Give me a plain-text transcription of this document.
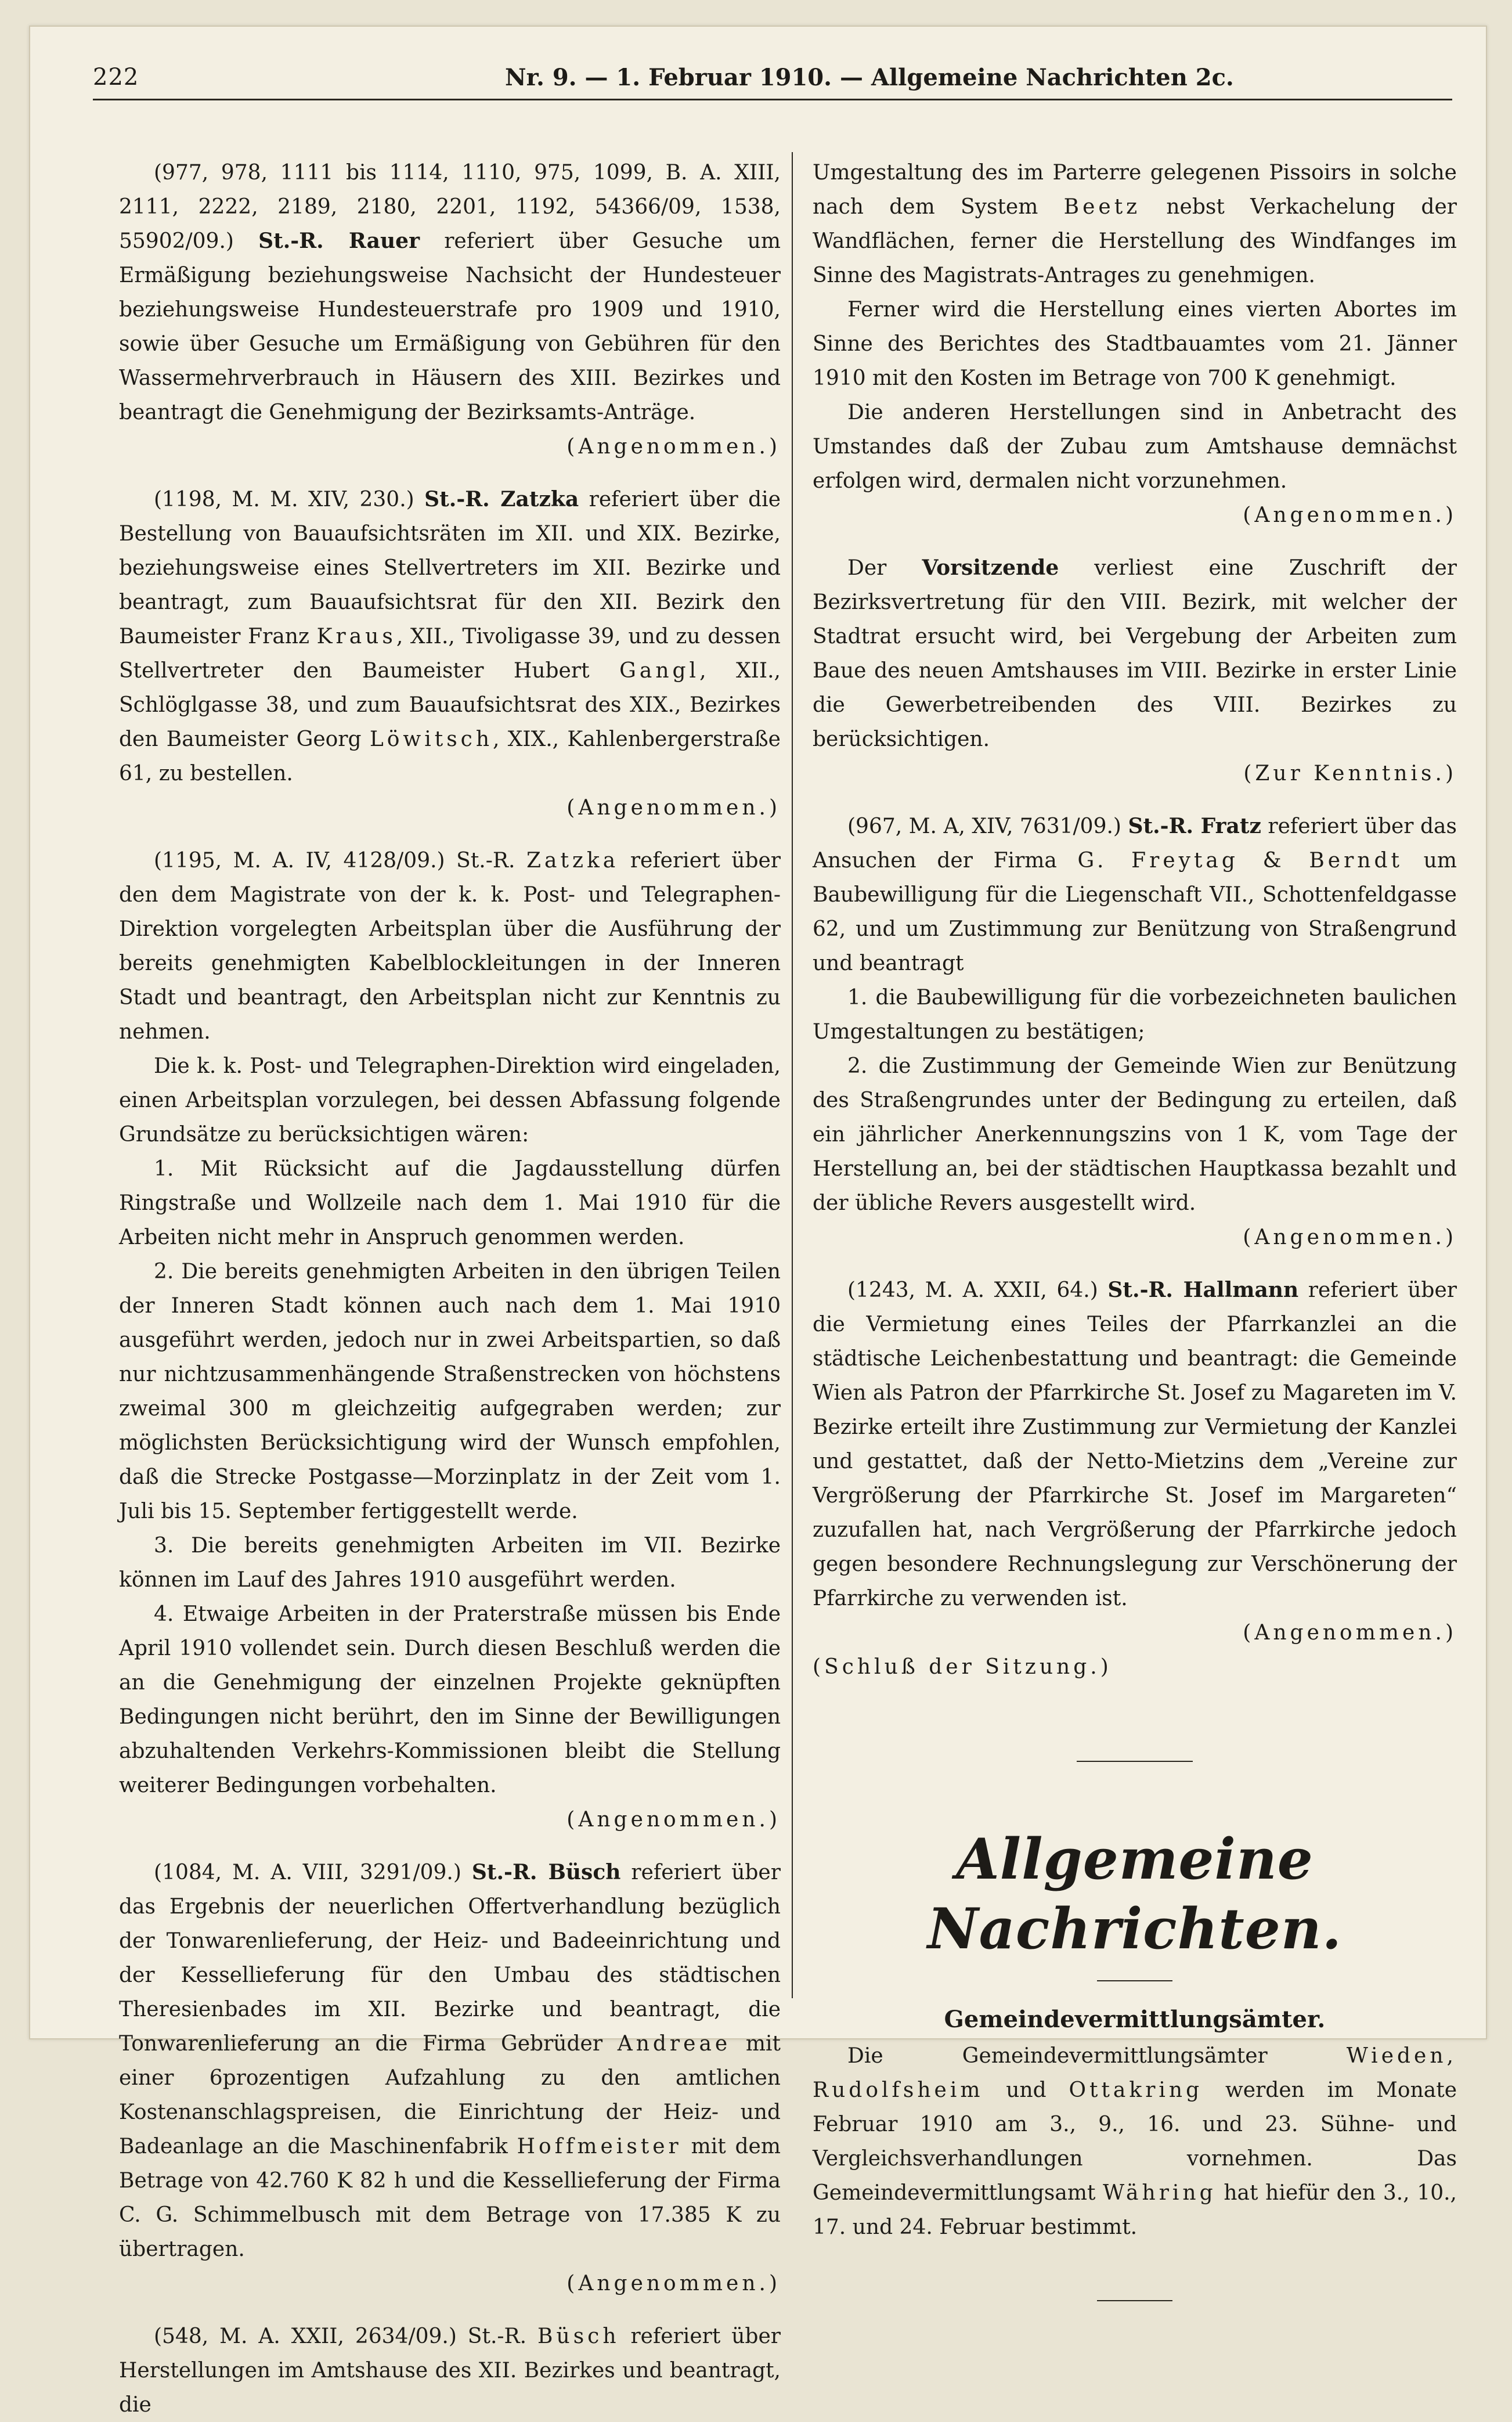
222	Nr. 9. — 1. Februar 1910. — Allgemeine Nachrichten 2c.

(977, 978, 1111 bis 1114, 1110, 975, 1099, B. A. XIII, 2111, 2222, 2189, 2180, 2201, 1192, 54366/09, 1538, 55902/09.) St.-R. Rauer referiert über Gesuche um Ermäßigung beziehungsweise Nachsicht der Hundesteuer beziehungsweise Hundesteuerstrafe pro 1909 und 1910, sowie über Gesuche um Ermäßigung von Gebühren für den Wassermehrverbrauch in Häusern des XIII. Bezirkes und beantragt die Genehmigung der Bezirksamts-Anträge.

(Angenommen.)

(1198, M. M. XIV, 230.) St.-R. Zatzka referiert über die Bestellung von Bauaufsichtsräten im XII. und XIX. Bezirke, beziehungsweise eines Stellvertreters im XII. Bezirke und beantragt, zum Bauaufsichtsrat für den XII. Bezirk den Baumeister Franz Kraus, XII., Tivoligasse 39, und zu dessen Stellvertreter den Baumeister Hubert Gangl, XII., Schlöglgasse 38, und zum Bauaufsichtsrat des XIX., Bezirkes den Baumeister Georg Löwitsch, XIX., Kahlenbergerstraße 61, zu bestellen.

(Angenommen.)

(1195, M. A. IV, 4128/09.) St.-R. Zatzka referiert über den dem Magistrate von der k. k. Post- und Telegraphen-Direktion vorgelegten Arbeitsplan über die Ausführung der bereits genehmigten Kabelblockleitungen in der Inneren Stadt und beantragt, den Arbeitsplan nicht zur Kenntnis zu nehmen.

Die k. k. Post- und Telegraphen-Direktion wird eingeladen, einen Arbeitsplan vorzulegen, bei dessen Abfassung folgende Grundsätze zu berücksichtigen wären:

1. Mit Rücksicht auf die Jagdausstellung dürfen Ringstraße und Wollzeile nach dem 1. Mai 1910 für die Arbeiten nicht mehr in Anspruch genommen werden.

2. Die bereits genehmigten Arbeiten in den übrigen Teilen der Inneren Stadt können auch nach dem 1. Mai 1910 ausgeführt werden, jedoch nur in zwei Arbeitspartien, so daß nur nichtzusammenhängende Straßenstrecken von höchstens zweimal 300 m gleichzeitig aufgegraben werden; zur möglichsten Berücksichtigung wird der Wunsch empfohlen, daß die Strecke Postgasse—Morzinplatz in der Zeit vom 1. Juli bis 15. September fertiggestellt werde.

3. Die bereits genehmigten Arbeiten im VII. Bezirke können im Lauf des Jahres 1910 ausgeführt werden.

4. Etwaige Arbeiten in der Praterstraße müssen bis Ende April 1910 vollendet sein. Durch diesen Beschluß werden die an die Genehmigung der einzelnen Projekte geknüpften Bedingungen nicht berührt, den im Sinne der Bewilligungen abzuhaltenden Verkehrs-Kommissionen bleibt die Stellung weiterer Bedingungen vorbehalten.

(Angenommen.)

(1084, M. A. VIII, 3291/09.) St.-R. Büsch referiert über das Ergebnis der neuerlichen Offertverhandlung bezüglich der Tonwarenlieferung, der Heiz- und Badeeinrichtung und der Kessellieferung für den Umbau des städtischen Theresienbades im XII. Bezirke und beantragt, die Tonwarenlieferung an die Firma Gebrüder Andreae mit einer 6prozentigen Aufzahlung zu den amtlichen Kostenanschlagspreisen, die Einrichtung der Heiz- und Badeanlage an die Maschinenfabrik Hoffmeister mit dem Betrage von 42.760 K 82 h und die Kessellieferung der Firma C. G. Schimmelbusch mit dem Betrage von 17.385 K zu übertragen.

(Angenommen.)

(548, M. A. XXII, 2634/09.) St.-R. Büsch referiert über Herstellungen im Amtshause des XII. Bezirkes und beantragt, die

Umgestaltung des im Parterre gelegenen Pissoirs in solche nach dem System Beetz nebst Verkachelung der Wandflächen, ferner die Herstellung des Windfanges im Sinne des Magistrats-Antrages zu genehmigen.

Ferner wird die Herstellung eines vierten Abortes im Sinne des Berichtes des Stadtbauamtes vom 21. Jänner 1910 mit den Kosten im Betrage von 700 K genehmigt.

Die anderen Herstellungen sind in Anbetracht des Umstandes daß der Zubau zum Amtshause demnächst erfolgen wird, dermalen nicht vorzunehmen.

(Angenommen.)

Der Vorsitzende verliest eine Zuschrift der Bezirksvertretung für den VIII. Bezirk, mit welcher der Stadtrat ersucht wird, bei Vergebung der Arbeiten zum Baue des neuen Amtshauses im VIII. Bezirke in erster Linie die Gewerbetreibenden des VIII. Bezirkes zu berücksichtigen.

(Zur Kenntnis.)

(967, M. A, XIV, 7631/09.) St.-R. Fratz referiert über das Ansuchen der Firma G. Freytag & Berndt um Baubewilligung für die Liegenschaft VII., Schottenfeldgasse 62, und um Zustimmung zur Benützung von Straßengrund und beantragt

1. die Baubewilligung für die vorbezeichneten baulichen Umgestaltungen zu bestätigen;

2. die Zustimmung der Gemeinde Wien zur Benützung des Straßengrundes unter der Bedingung zu erteilen, daß ein jährlicher Anerkennungszins von 1 K, vom Tage der Herstellung an, bei der städtischen Hauptkassa bezahlt und der übliche Revers ausgestellt wird.

(Angenommen.)

(1243, M. A. XXII, 64.) St.-R. Hallmann referiert über die Vermietung eines Teiles der Pfarrkanzlei an die städtische Leichenbestattung und beantragt: die Gemeinde Wien als Patron der Pfarrkirche St. Josef zu Magareten im V. Bezirke erteilt ihre Zustimmung zur Vermietung der Kanzlei und gestattet, daß der Netto-Mietzins dem „Vereine zur Vergrößerung der Pfarrkirche St. Josef im Margareten“ zuzufallen hat, nach Vergrößerung der Pfarrkirche jedoch gegen besondere Rechnungslegung zur Verschönerung der Pfarrkirche zu verwenden ist.

(Angenommen.)

(Schluß der Sitzung.)

Allgemeine Nachrichten.
Gemeindevermittlungsämter.

Die Gemeindevermittlungsämter	Wieden, Rudolfsheim und Ottakring werden im Monate Februar 1910 am 3., 9., 16. und 23. Sühne- und Vergleichsverhandlungen vornehmen. Das Gemeindevermittlungsamt Währing hat hiefür den 3., 10., 17. und 24. Februar bestimmt.
